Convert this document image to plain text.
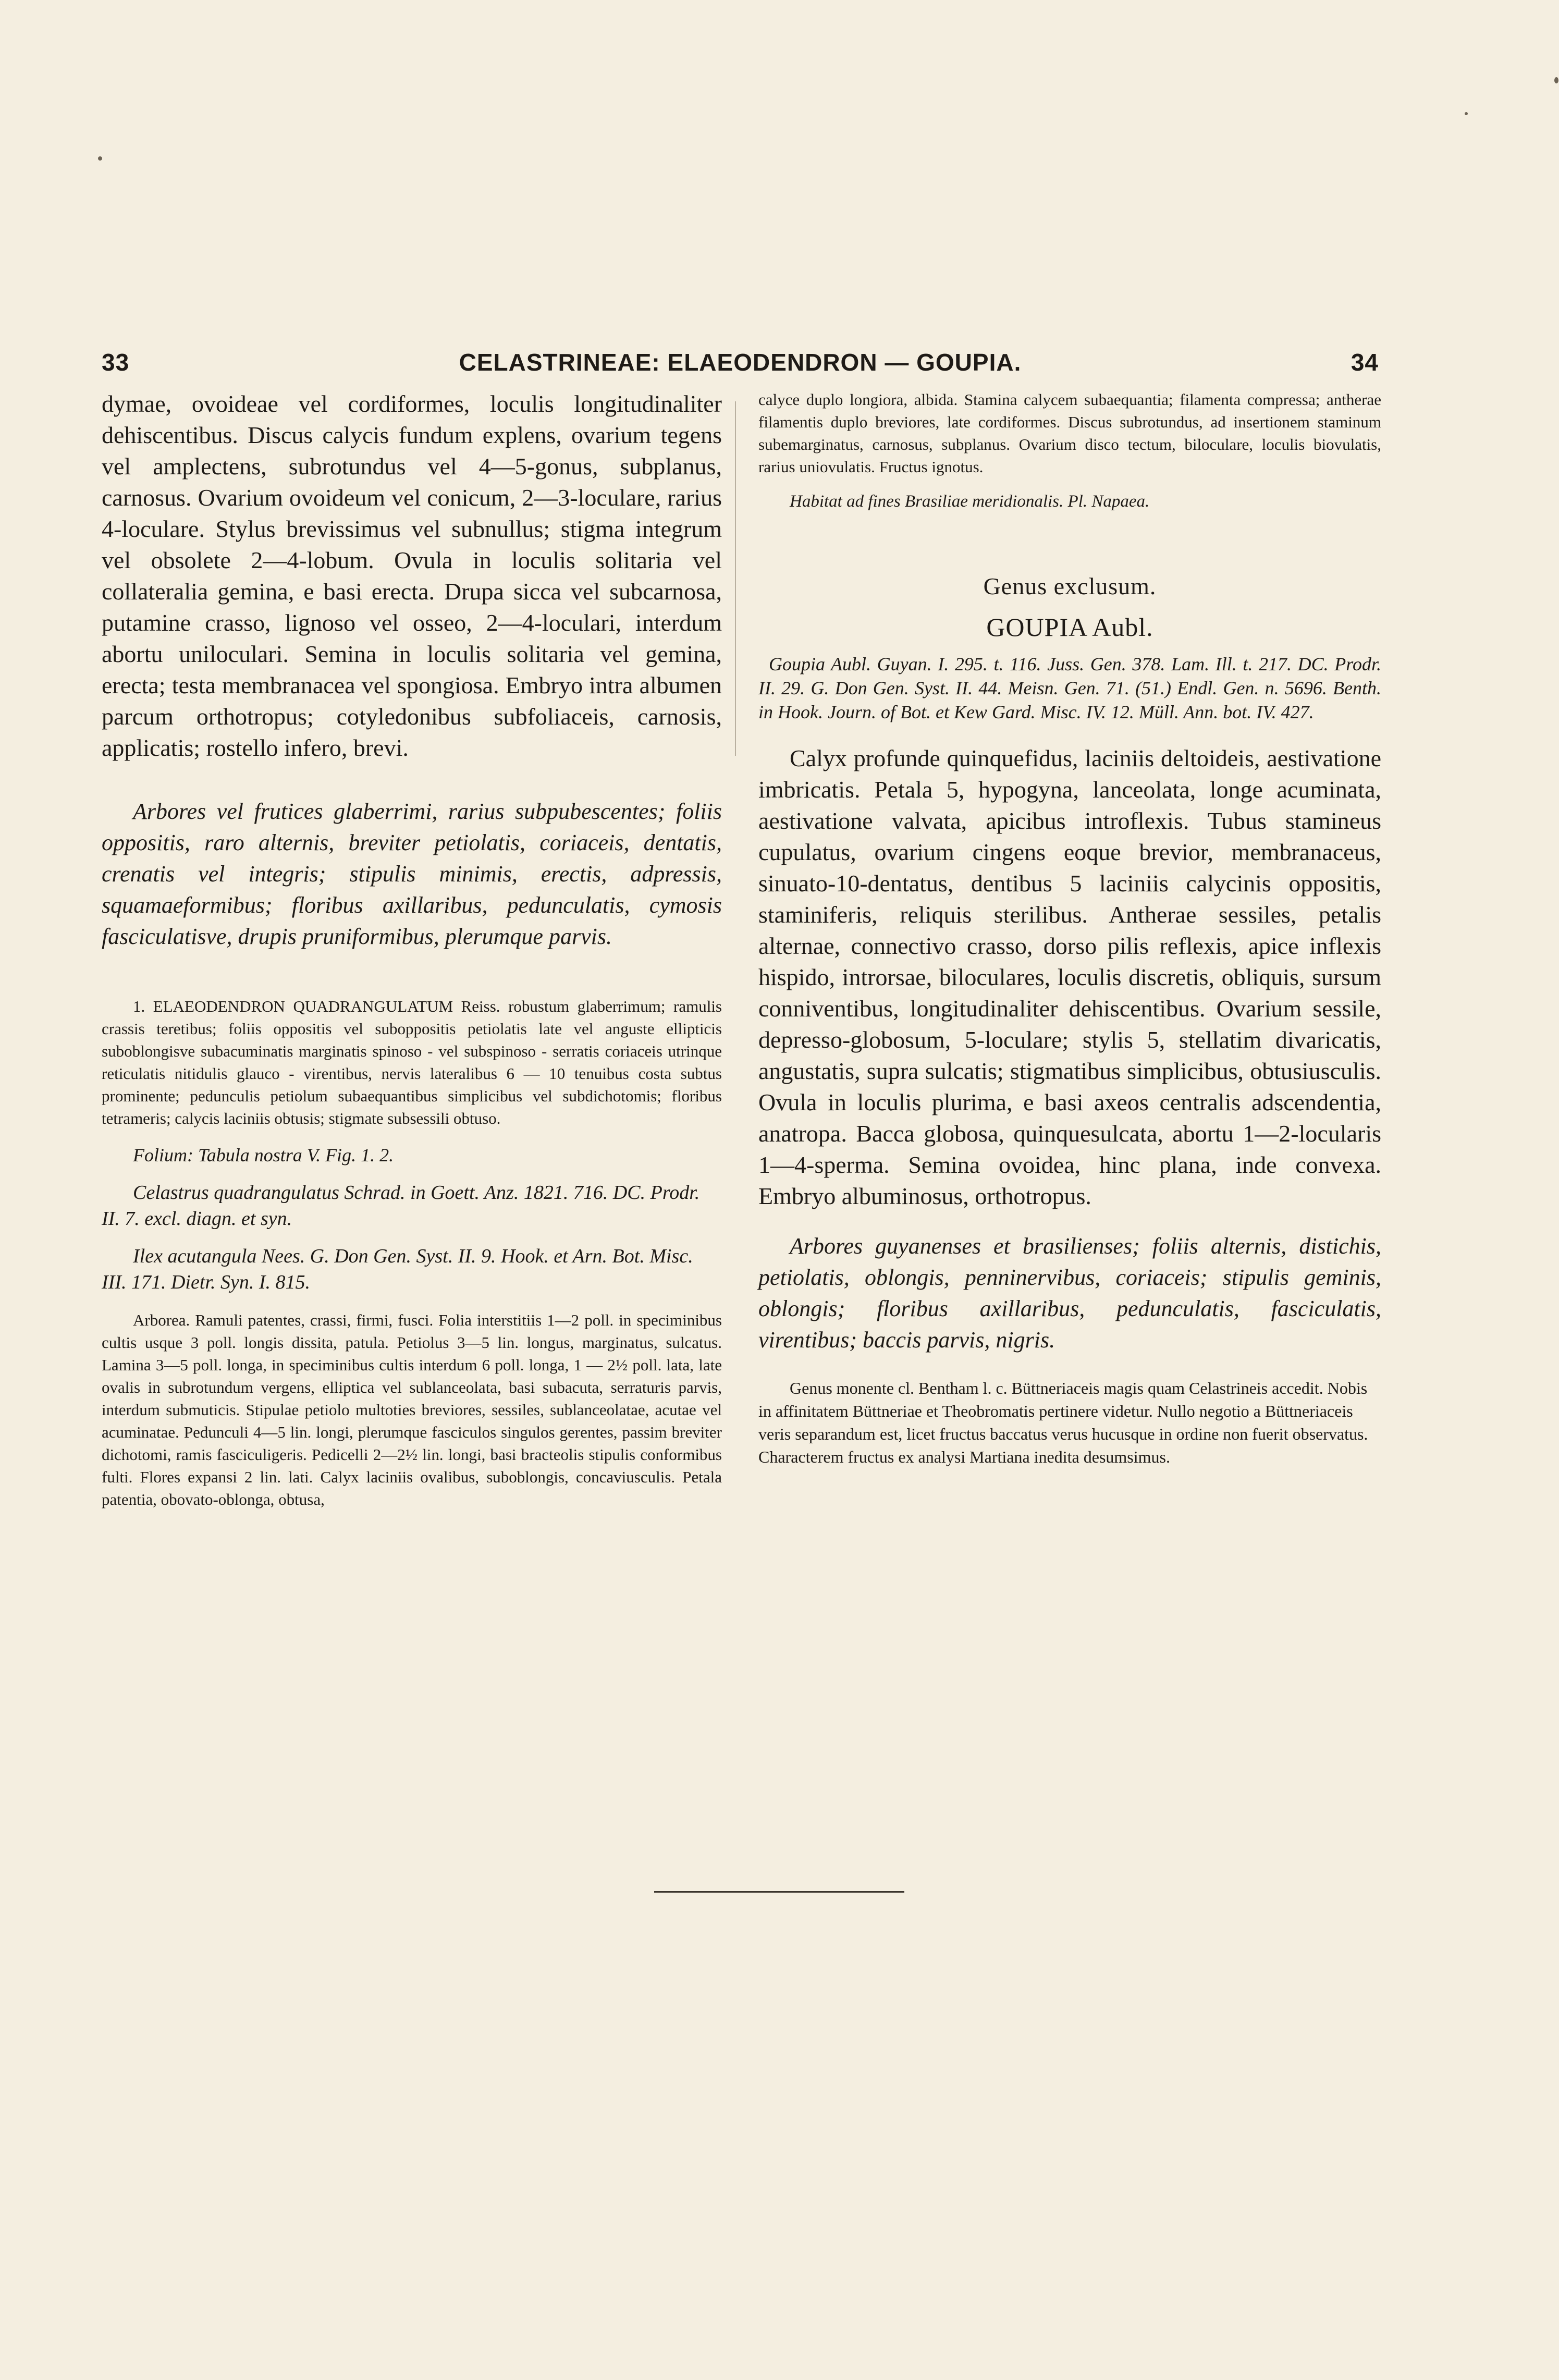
33	CELASTRINEAE: ELAEODENDRON — GOUPIA.	34

dymae, ovoideae vel cordiformes, loculis longitudinaliter dehiscentibus. Discus calycis fundum explens, ovarium tegens vel amplectens, subrotundus vel 4—5-gonus, subplanus, carnosus. Ovarium ovoideum vel conicum, 2—3-loculare, rarius 4-loculare. Stylus brevissimus vel subnullus; stigma integrum vel obsolete 2—4-lobum. Ovula in loculis solitaria vel collateralia gemina, e basi erecta. Drupa sicca vel subcarnosa, putamine crasso, lignoso vel osseo, 2—4-loculari, interdum abortu uniloculari. Semina in loculis solitaria vel gemina, erecta; testa membranacea vel spongiosa. Embryo intra albumen parcum orthotropus; cotyledonibus subfoliaceis, carnosis, applicatis; rostello infero, brevi.

Arbores vel frutices glaberrimi, rarius subpubescentes; foliis oppositis, raro alternis, breviter petiolatis, coriaceis, dentatis, crenatis vel integris; stipulis minimis, erectis, adpressis, squamaeformibus; floribus axillaribus, pedunculatis, cymosis fasciculatisve, drupis pruniformibus, plerumque parvis.

1. ELAEODENDRON QUADRANGULATUM Reiss. robustum glaberrimum; ramulis crassis teretibus; foliis oppositis vel suboppositis petiolatis late vel anguste ellipticis suboblongisve subacuminatis marginatis spinoso - vel subspinoso - serratis coriaceis utrinque reticulatis nitidulis glauco - virentibus, nervis lateralibus 6 — 10 tenuibus costa subtus prominente; pedunculis petiolum subaequantibus simplicibus vel subdichotomis; floribus tetrameris; calycis laciniis obtusis; stigmate subsessili obtuso.

Folium: Tabula nostra V. Fig. 1. 2.

Celastrus quadrangulatus Schrad. in Goett. Anz. 1821. 716. DC. Prodr. II. 7. excl. diagn. et syn.

Ilex acutangula Nees. G. Don Gen. Syst. II. 9. Hook. et Arn. Bot. Misc. III. 171. Dietr. Syn. I. 815.

Arborea. Ramuli patentes, crassi, firmi, fusci. Folia interstitiis 1—2 poll. in speciminibus cultis usque 3 poll. longis dissita, patula. Petiolus 3—5 lin. longus, marginatus, sulcatus. Lamina 3—5 poll. longa, in speciminibus cultis interdum 6 poll. longa, 1 — 2½ poll. lata, late ovalis in subrotundum vergens, elliptica vel sublanceolata, basi subacuta, serraturis parvis, interdum submuticis. Stipulae petiolo multoties breviores, sessiles, sublanceolatae, acutae vel acuminatae. Pedunculi 4—5 lin. longi, plerumque fasciculos singulos gerentes, passim breviter dichotomi, ramis fasciculigeris. Pedicelli 2—2½ lin. longi, basi bracteolis stipulis conformibus fulti. Flores expansi 2 lin. lati. Calyx laciniis ovalibus, suboblongis, concaviusculis. Petala patentia, obovato-oblonga, obtusa,

calyce duplo longiora, albida. Stamina calycem subaequantia; filamenta compressa; antherae filamentis duplo breviores, late cordiformes. Discus subrotundus, ad insertionem staminum subemarginatus, carnosus, subplanus. Ovarium disco tectum, biloculare, loculis biovulatis, rarius uniovulatis. Fructus ignotus.

Habitat ad fines Brasiliae meridionalis. Pl. Napaea.

Genus exclusum.
GOUPIA Aubl.

Goupia Aubl. Guyan. I. 295. t. 116. Juss. Gen. 378. Lam. Ill. t. 217. DC. Prodr. II. 29. G. Don Gen. Syst. II. 44. Meisn. Gen. 71. (51.) Endl. Gen. n. 5696. Benth. in Hook. Journ. of Bot. et Kew Gard. Misc. IV. 12. Müll. Ann. bot. IV. 427.

Calyx profunde quinquefidus, laciniis deltoideis, aestivatione imbricatis. Petala 5, hypogyna, lanceolata, longe acuminata, aestivatione valvata, apicibus introflexis. Tubus stamineus cupulatus, ovarium cingens eoque brevior, membranaceus, sinuato-10-dentatus, dentibus 5 laciniis calycinis oppositis, staminiferis, reliquis sterilibus. Antherae sessiles, petalis alternae, connectivo crasso, dorso pilis reflexis, apice inflexis hispido, introrsae, biloculares, loculis discretis, obliquis, sursum conniventibus, longitudinaliter dehiscentibus. Ovarium sessile, depresso-globosum, 5-loculare; stylis 5, stellatim divaricatis, angustatis, supra sulcatis; stigmatibus simplicibus, obtusiusculis. Ovula in loculis plurima, e basi axeos centralis adscendentia, anatropa. Bacca globosa, quinquesulcata, abortu 1—2-locularis 1—4-sperma. Semina ovoidea, hinc plana, inde convexa. Embryo albuminosus, orthotropus.

Arbores guyanenses et brasilienses; foliis alternis, distichis, petiolatis, oblongis, penninervibus, coriaceis; stipulis geminis, oblongis; floribus axillaribus, pedunculatis, fasciculatis, virentibus; baccis parvis, nigris.

Genus monente cl. Bentham l. c. Büttneriaceis magis quam Celastrineis accedit. Nobis in affinitatem Büttneriae et Theobromatis pertinere videtur. Nullo negotio a Büttneriaceis veris separandum est, licet fructus baccatus verus hucusque in ordine non fuerit observatus. Characterem fructus ex analysi Martiana inedita desumsimus.
